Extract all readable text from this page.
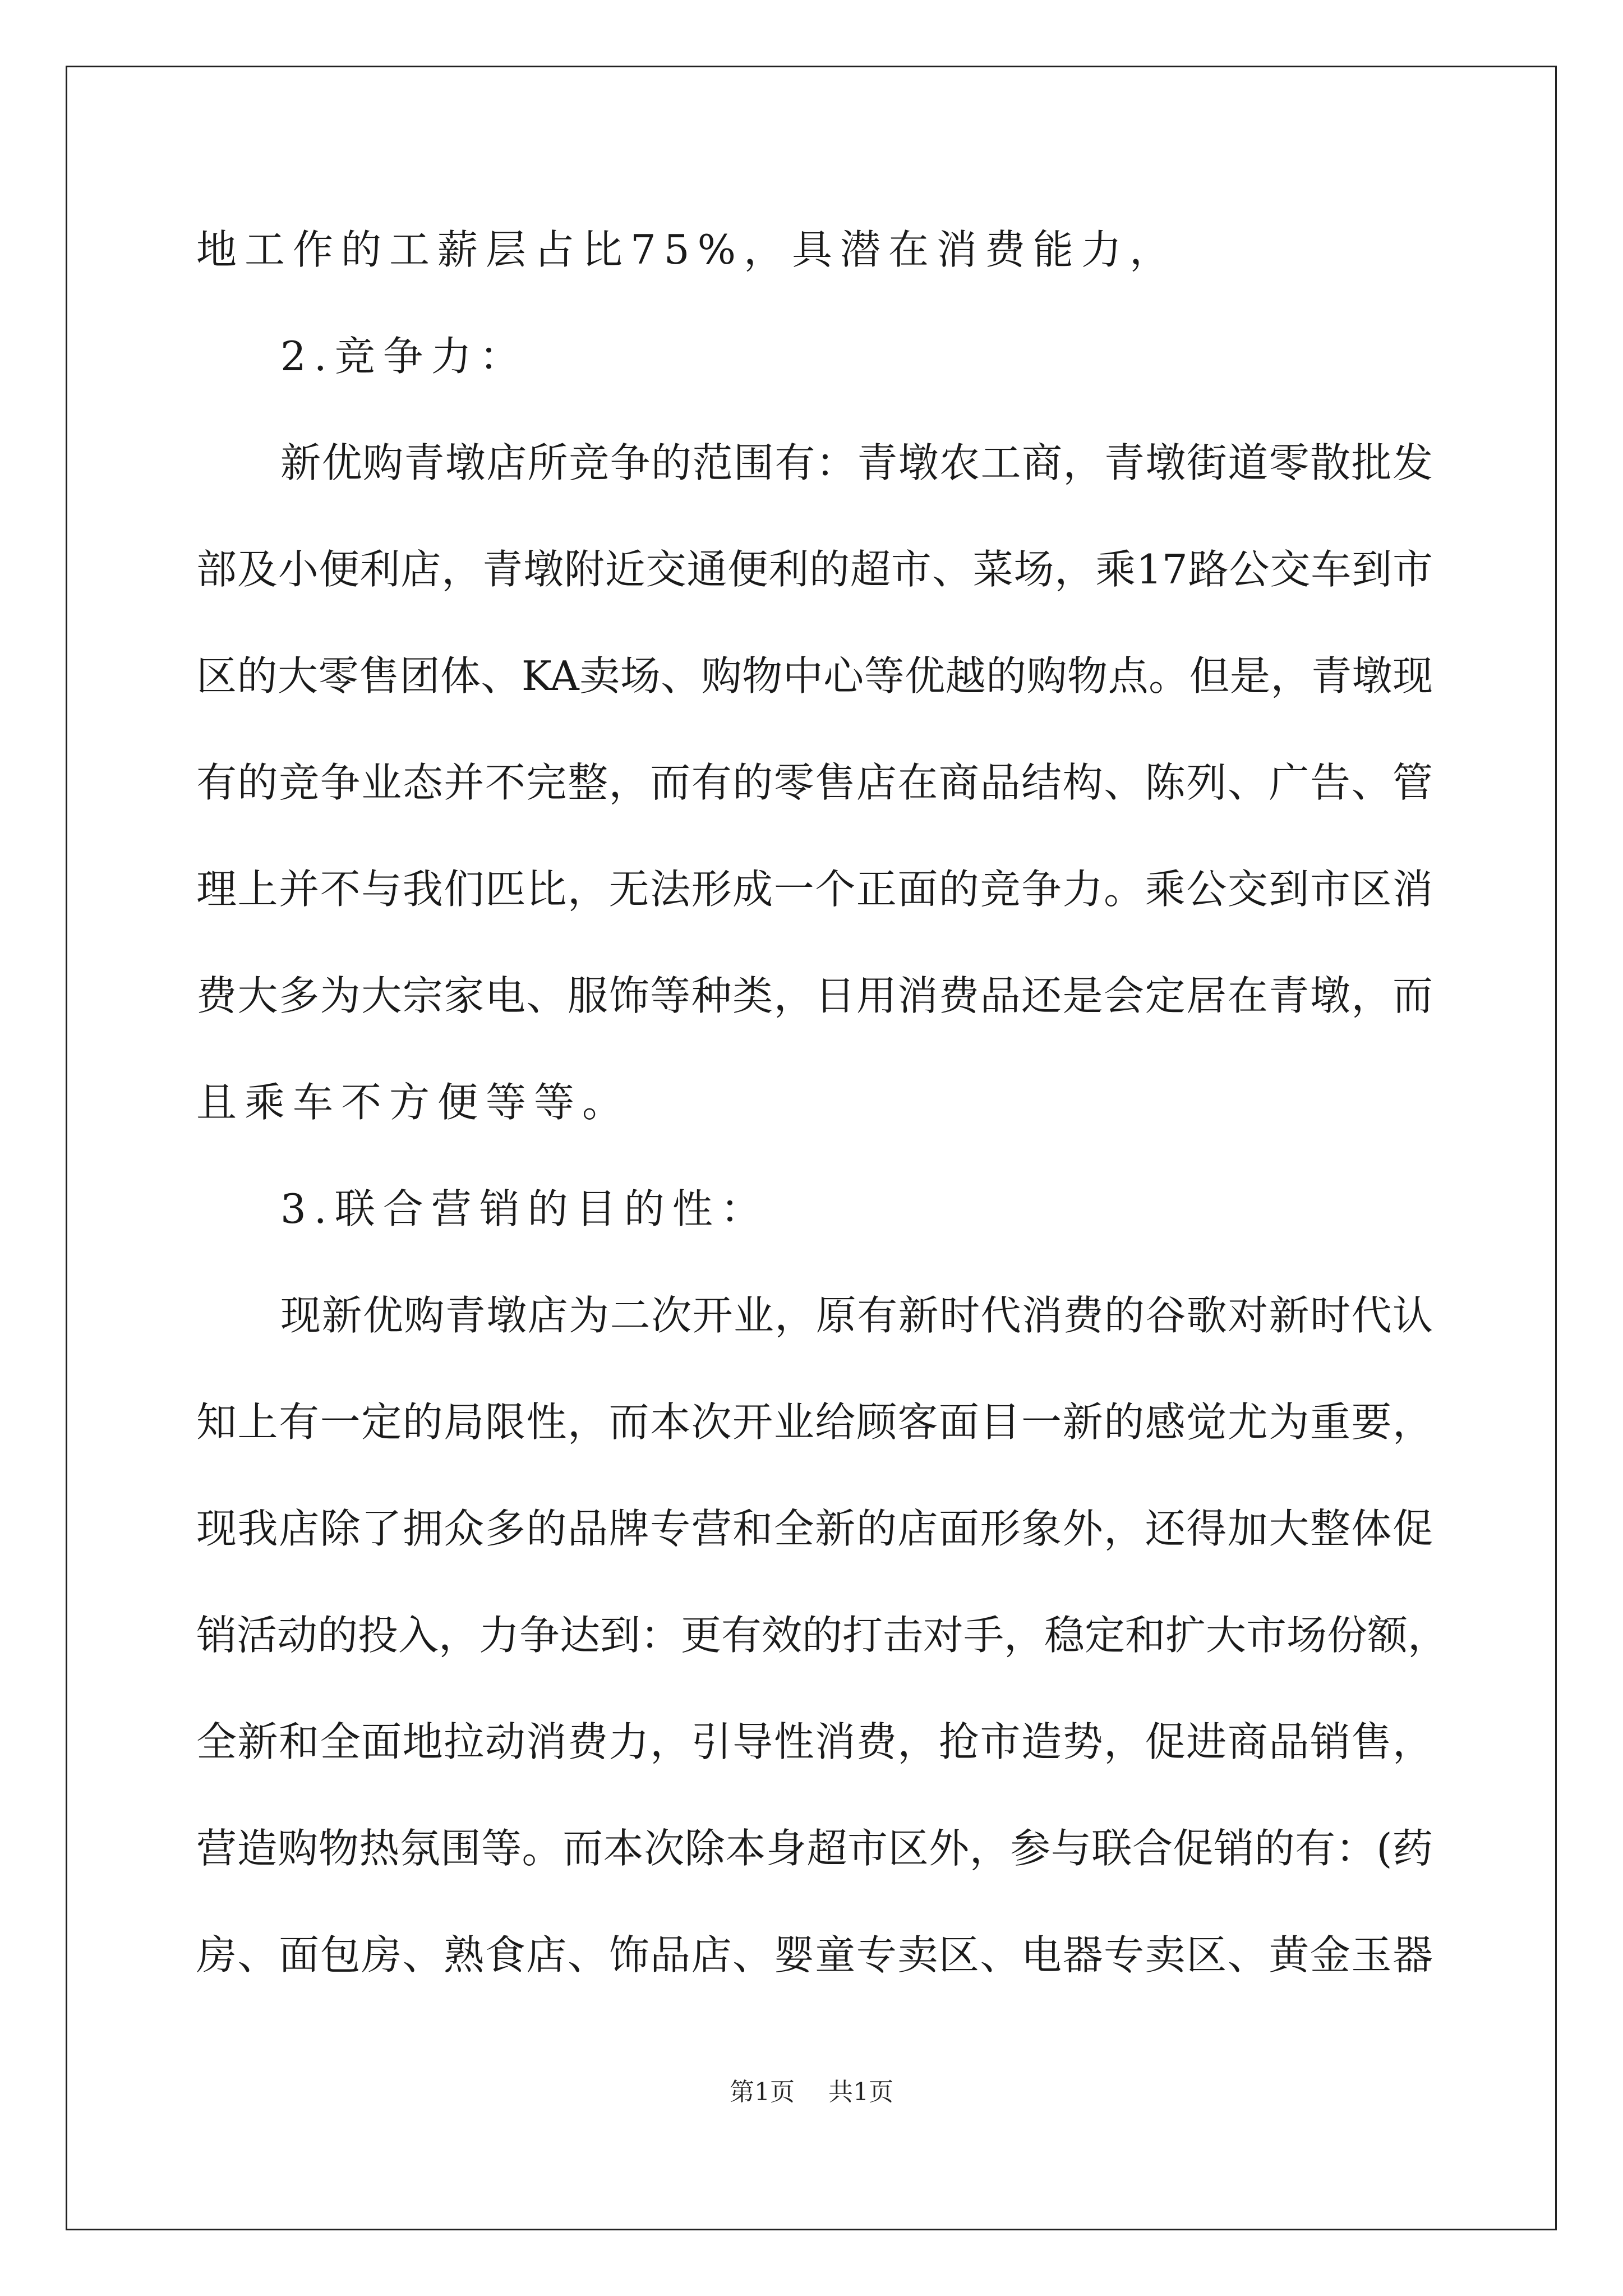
地工作的工薪层占比75%，具潜在消费能力，
2.竞争力：
新优购青墩店所竞争的范围有：青墩农工商，青墩街道零散批发
部及小便利店，青墩附近交通便利的超市、菜场，乘17路公交车到市
区的大零售团体、KA卖场、购物中心等优越的购物点。但是，青墩现
有的竞争业态并不完整，而有的零售店在商品结构、陈列、广告、管
理上并不与我们匹比，无法形成一个正面的竞争力。乘公交到市区消
费大多为大宗家电、服饰等种类，日用消费品还是会定居在青墩，而
且乘车不方便等等。
3.联合营销的目的性：
现新优购青墩店为二次开业，原有新时代消费的谷歌对新时代认
知上有一定的局限性，而本次开业给顾客面目一新的感觉尤为重要，
现我店除了拥众多的品牌专营和全新的店面形象外，还得加大整体促
销活动的投入，力争达到：更有效的打击对手，稳定和扩大市场份额，
全新和全面地拉动消费力，引导性消费，抢市造势，促进商品销售，
营造购物热氛围等。而本次除本身超市区外，参与联合促销的有：(药
房、面包房、熟食店、饰品店、婴童专卖区、电器专卖区、黄金玉器
第1页 共1页
